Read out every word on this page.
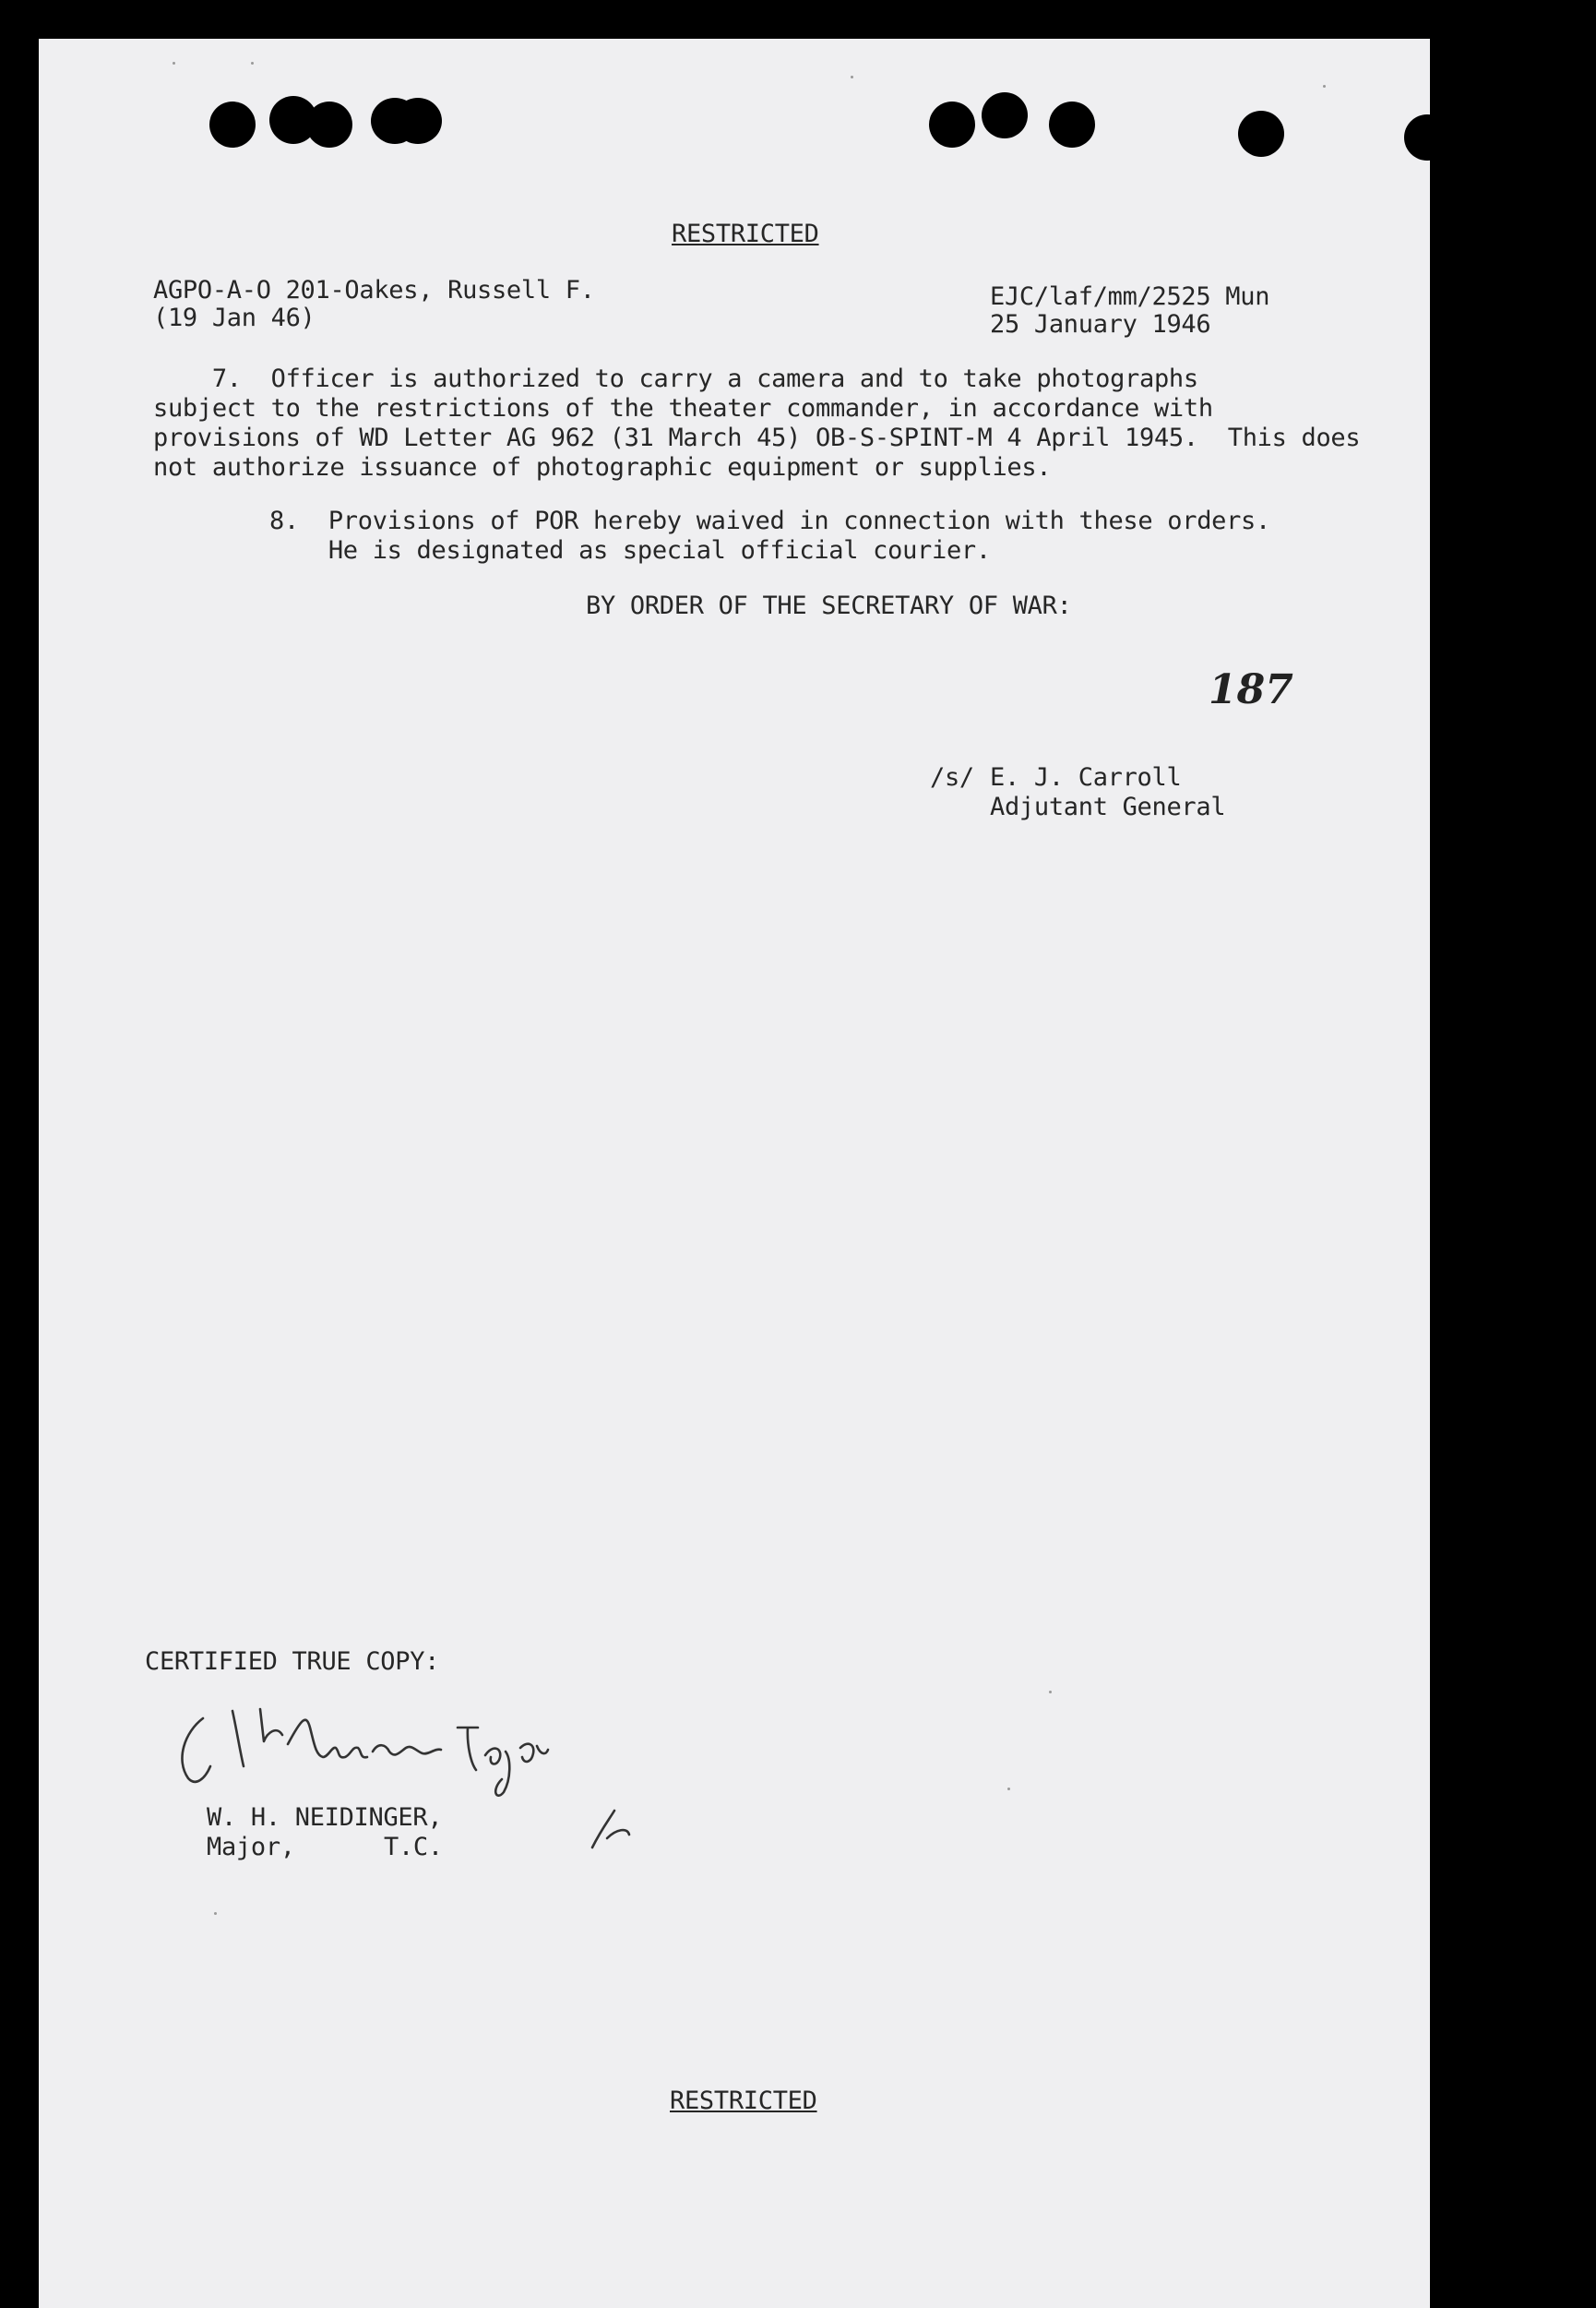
RESTRICTED
AGPO-A-O 201-Oakes, Russell F.
(19 Jan 46)
EJC/laf/mm/2525 Mun
25 January 1946
7.  Officer is authorized to carry a camera and to take photographs
subject to the restrictions of the theater commander, in accordance with
provisions of WD Letter AG 962 (31 March 45) OB-S-SPINT-M 4 April 1945.  This does
not authorize issuance of photographic equipment or supplies.
8.  Provisions of POR hereby waived in connection with these orders.
He is designated as special official courier.
BY ORDER OF THE SECRETARY OF WAR:
187
/s/ E. J. Carroll
Adjutant General
CERTIFIED TRUE COPY:
W. H. NEIDINGER,
Major,	T.C.
RESTRICTED
